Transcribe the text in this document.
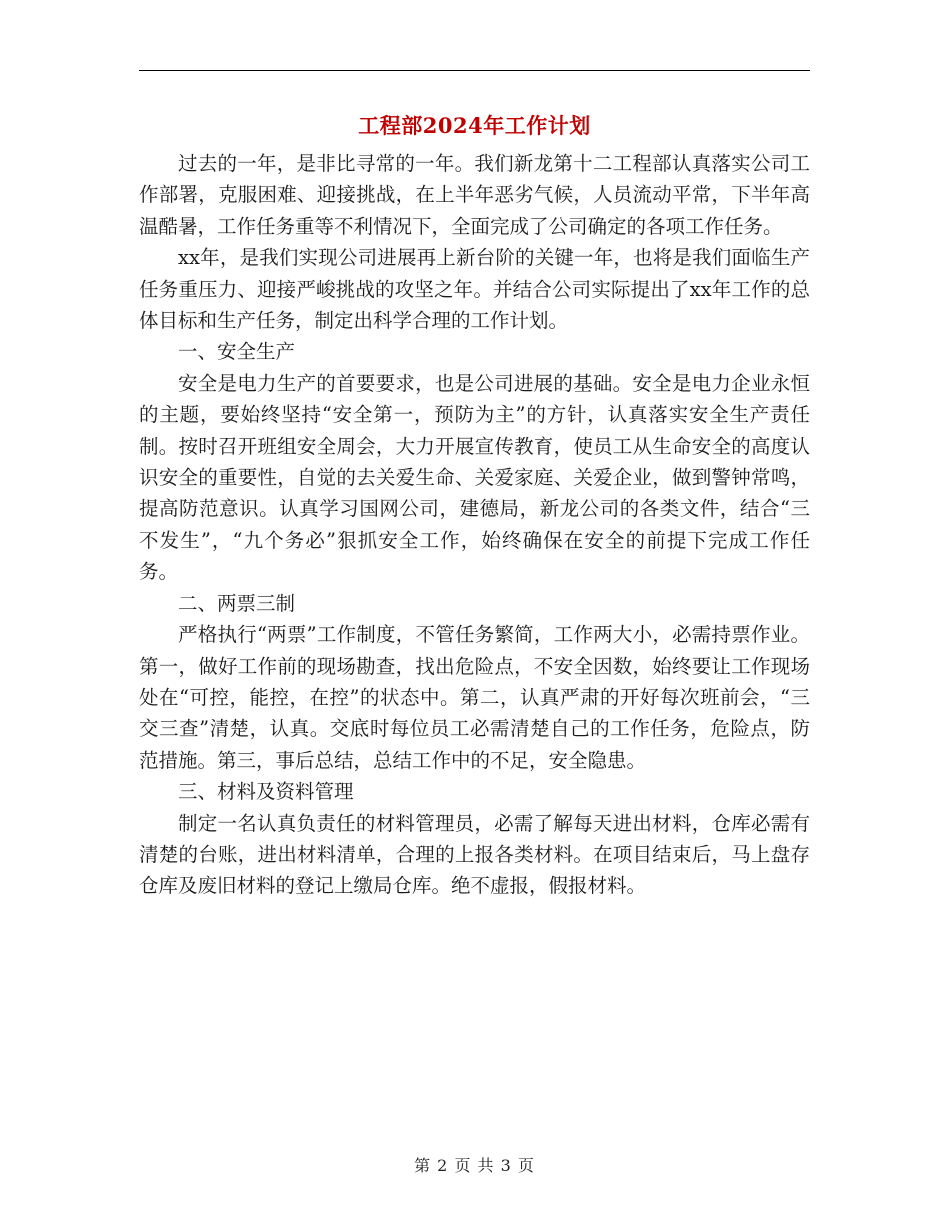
工程部2024年工作计划

过去的一年，是非比寻常的一年。我们新龙第十二工程部认真落实公司工作部署，克服困难、迎接挑战，在上半年恶劣气候，人员流动平常，下半年高温酷暑，工作任务重等不利情况下，全面完成了公司确定的各项工作任务。

xx年，是我们实现公司进展再上新台阶的关键一年，也将是我们面临生产任务重压力、迎接严峻挑战的攻坚之年。并结合公司实际提出了xx年工作的总体目标和生产任务，制定出科学合理的工作计划。

一、安全生产

安全是电力生产的首要要求，也是公司进展的基础。安全是电力企业永恒的主题，要始终坚持“安全第一，预防为主”的方针，认真落实安全生产责任制。按时召开班组安全周会，大力开展宣传教育，使员工从生命安全的高度认识安全的重要性，自觉的去关爱生命、关爱家庭、关爱企业，做到警钟常鸣，提高防范意识。认真学习国网公司，建德局，新龙公司的各类文件，结合“三不发生”，“九个务必”狠抓安全工作，始终确保在安全的前提下完成工作任务。

二、两票三制

严格执行“两票”工作制度，不管任务繁简，工作两大小，必需持票作业。第一，做好工作前的现场勘查，找出危险点，不安全因数，始终要让工作现场处在“可控，能控，在控”的状态中。第二，认真严肃的开好每次班前会，“三交三查”清楚，认真。交底时每位员工必需清楚自己的工作任务，危险点，防范措施。第三，事后总结，总结工作中的不足，安全隐患。

三、材料及资料管理

制定一名认真负责任的材料管理员，必需了解每天进出材料，仓库必需有清楚的台账，进出材料清单，合理的上报各类材料。在项目结束后，马上盘存仓库及废旧材料的登记上缴局仓库。绝不虚报，假报材料。

第 2 页 共 3 页
